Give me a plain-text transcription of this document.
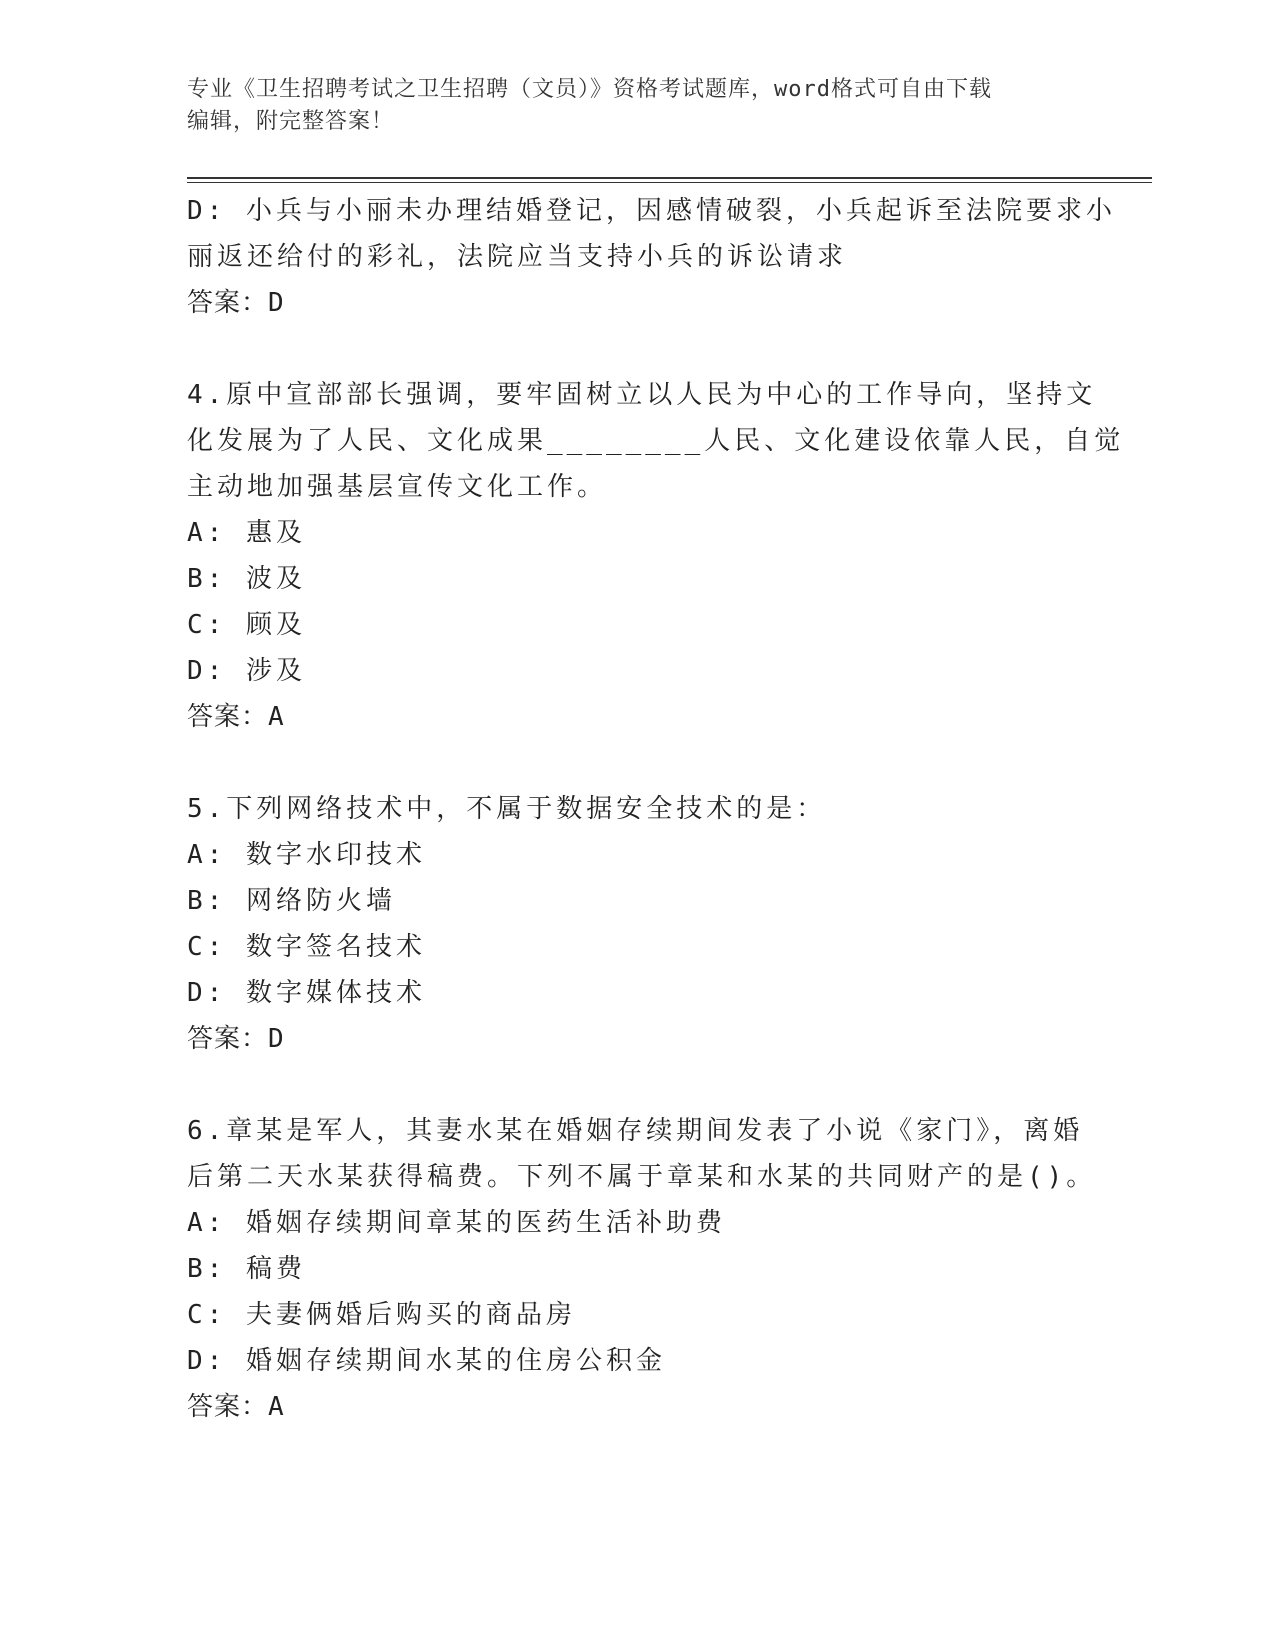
专业《卫生招聘考试之卫生招聘（文员）》资格考试题库，word格式可自由下载
编辑，附完整答案！
D: 小兵与小丽未办理结婚登记，因感情破裂，小兵起诉至法院要求小
丽返还给付的彩礼，法院应当支持小兵的诉讼请求
答案：D
4.原中宣部部长强调，要牢固树立以人民为中心的工作导向，坚持文
化发展为了人民、文化成果________人民、文化建设依靠人民，自觉
主动地加强基层宣传文化工作。
A: 惠及
B: 波及
C: 顾及
D: 涉及
答案：A
5.下列网络技术中，不属于数据安全技术的是：
A: 数字水印技术
B: 网络防火墙
C: 数字签名技术
D: 数字媒体技术
答案：D
6.章某是军人，其妻水某在婚姻存续期间发表了小说《家门》，离婚
后第二天水某获得稿费。下列不属于章某和水某的共同财产的是()。
A: 婚姻存续期间章某的医药生活补助费
B: 稿费
C: 夫妻俩婚后购买的商品房
D: 婚姻存续期间水某的住房公积金
答案：A
